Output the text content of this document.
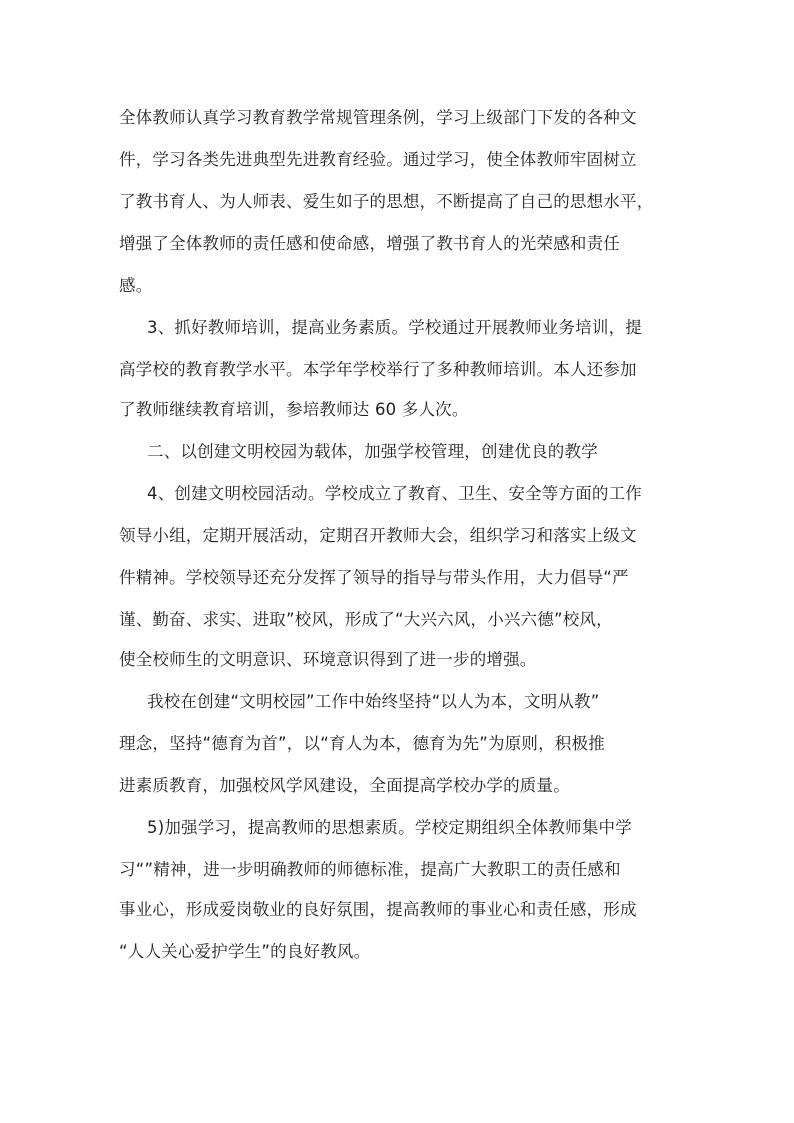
全体教师认真学习教育教学常规管理条例，学习上级部门下发的各种文
件，学习各类先进典型先进教育经验。通过学习，使全体教师牢固树立
了教书育人、为人师表、爱生如子的思想，不断提高了自己的思想水平，
增强了全体教师的责任感和使命感，增强了教书育人的光荣感和责任
感。
3、抓好教师培训，提高业务素质。学校通过开展教师业务培训，提
高学校的教育教学水平。本学年学校举行了多种教师培训。本人还参加
了教师继续教育培训，参培教师达 60 多人次。
二、以创建文明校园为载体，加强学校管理，创建优良的教学
4、创建文明校园活动。学校成立了教育、卫生、安全等方面的工作
领导小组，定期开展活动，定期召开教师大会，组织学习和落实上级文
件精神。学校领导还充分发挥了领导的指导与带头作用，大力倡导“严
谨、勤奋、求实、进取”校风，形成了“大兴六风，小兴六德”校风，
使全校师生的文明意识、环境意识得到了进一步的增强。
我校在创建“文明校园”工作中始终坚持“以人为本，文明从教”
理念，坚持“德育为首”，以“育人为本，德育为先”为原则，积极推
进素质教育，加强校风学风建设，全面提高学校办学的质量。
5)加强学习，提高教师的思想素质。学校定期组织全体教师集中学
习“”精神，进一步明确教师的师德标准，提高广大教职工的责任感和
事业心，形成爱岗敬业的良好氛围，提高教师的事业心和责任感，形成
“人人关心爱护学生”的良好教风。
